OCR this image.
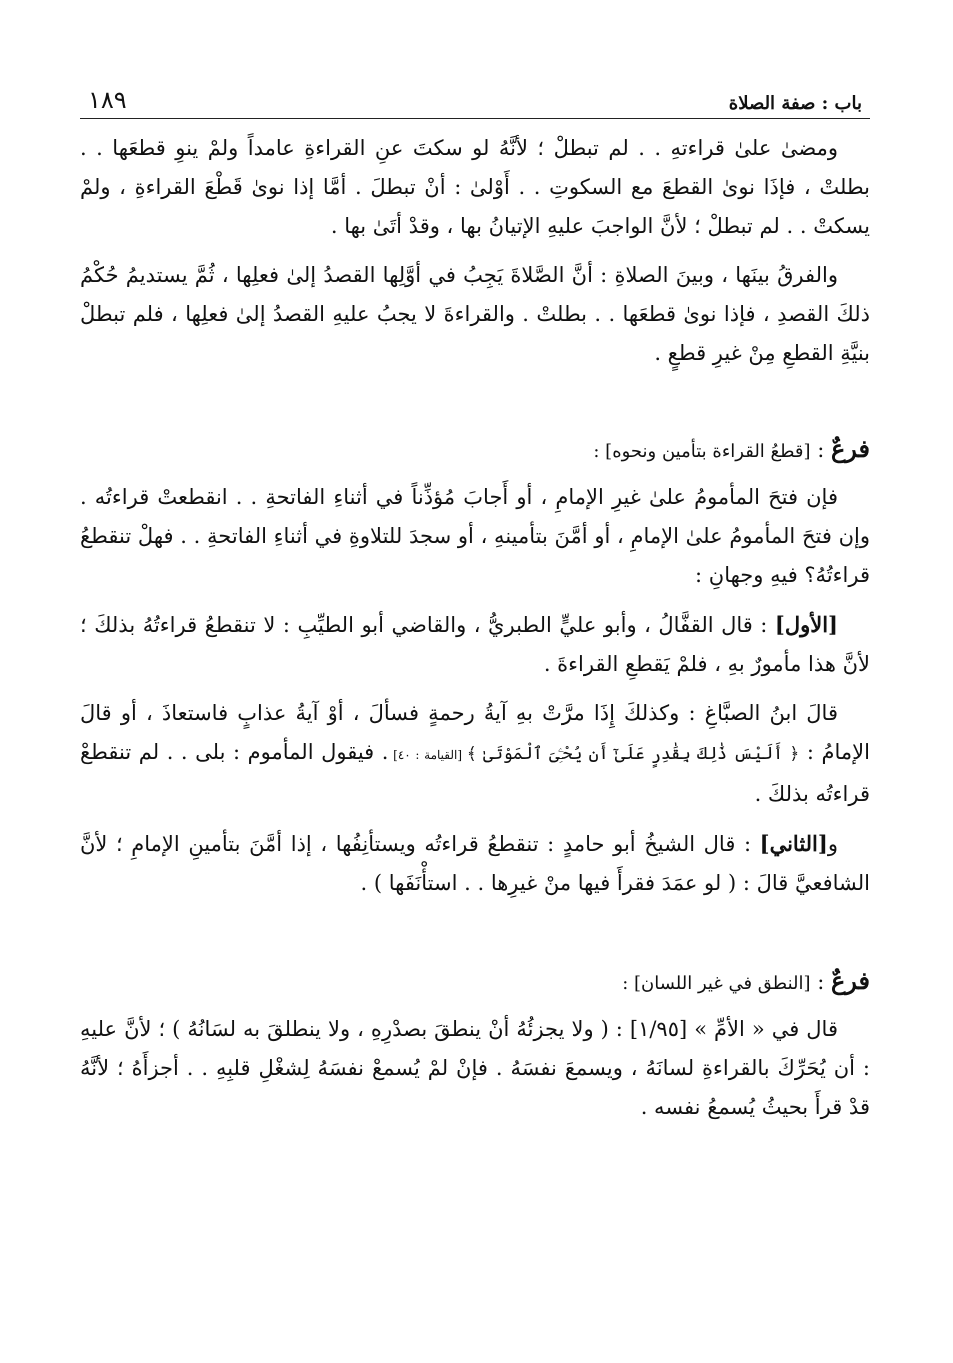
باب : صفة الصلاة
١٨٩

ومضىٰ علىٰ قراءتهِ . . لم تبطلْ ؛ لأنَّهُ لو سكتَ عنِ القراءةِ عامداً ولمْ ينوِ قطعَها . . بطلتْ ، فإذَا نوىٰ القطعَ مع السكوتِ . . أَوْلىٰ : أنْ تبطلَ . أمَّا إذا نوىٰ قَطْعَ القراءةِ ، ولمْ يسكتْ . . لم تبطلْ ؛ لأنَّ الواجبَ عليهِ الإتيانُ بها ، وقدْ أتَىٰ بها .

والفرقُ بينَها ، وبينَ الصلاةِ : أنَّ الصَّلاةَ يَجِبُ في أوَّلِها القصدُ إلىٰ فعلِها ، ثُمَّ يستديمُ حُكْمُ ذلكَ القصدِ ، فإذا نوىٰ قطعَها . . بطلتْ . والقراءةَ لا يجبُ عليهِ القصدُ إلىٰ فعلِها ، فلم تبطلْ بنيَّةِ القطعِ مِنْ غيرِ قطعٍ .

فرعٌ : [قطعُ القراءة بتأمين ونحوه] :

فإن فتحَ المأمومُ علىٰ غيرِ الإمامِ ، أو أَجابَ مُؤذِّناً في أثناءِ الفاتحةِ . . انقطعتْ قراءتُه . وإن فتحَ المأمومُ علىٰ الإمامِ ، أو أمَّنَ بتأمينهِ ، أو سجدَ للتلاوةِ في أثناءِ الفاتحةِ . . فهلْ تنقطعُ قراءتُهُ؟ فيهِ وجهانِ :

[الأول] : قال القفَّالُ ، وأبو عليٍّ الطبريُّ ، والقاضي أبو الطيِّبِ : لا تنقطعُ قراءتُهُ بذلكَ ؛ لأنَّ هذا مأمورٌ بهِ ، فلمْ يَقطعِ القراءةَ .

قالَ ابنُ الصبَّاغِ : وكذلكَ إِذَا مرَّتْ بهِ آيةُ رحمةٍ فسألَ ، أوْ آيةُ عذابٍ فاستعاذَ ، أو قالَ الإمامُ : ﴿ أَلَيْسَ ذَٰلِكَ بِقَٰدِرٍ عَلَىٰٓ أَن يُحْـِۧىَ ٱلْمَوْتَىٰ ﴾ [القيامة : ٤٠] . فيقول المأموم : بلى . . لم تنقطعْ قراءتُه بذلكَ .

و[الثاني] : قال الشيخُ أبو حامدٍ : تنقطعُ قراءتُه ويستأنِفُها ، إذا أمَّنَ بتأمينِ الإمامِ ؛ لأنَّ الشافعيَّ قالَ : ( لو عمَدَ فقرأَ فيها منْ غيرِها . . استأْنَفَها ) .

فرعٌ : [النطق في غير اللسان] :

قال في « الأمِّ » [١/٩٥] : ( ولا يجزئُهُ أنْ ينطقَ بصدْرِهِ ، ولا ينطلقَ به لسَانُهُ ) ؛ لأنَّ عليهِ : أن يُحَرِّكَ بالقراءةِ لسانَهُ ، ويسمعَ نفسَهُ . فإنْ لمْ يُسمعْ نفسَهُ لِشغْلِ قلبِهِ . . أجزأَهُ ؛ لأنَّهُ قدْ قرأَ بحيثُ يُسمعُ نفسه .
